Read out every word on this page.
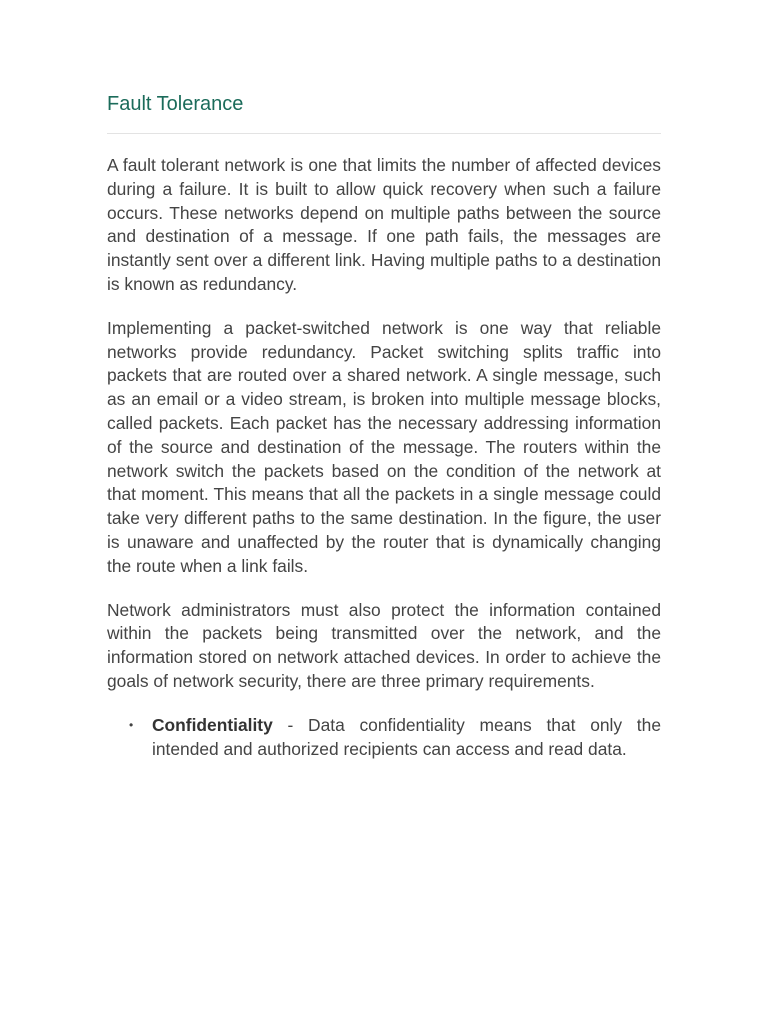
Fault Tolerance

A fault tolerant network is one that limits the number of affected devices during a failure. It is built to allow quick recovery when such a failure occurs. These networks depend on multiple paths between the source and destination of a message. If one path fails, the messages are instantly sent over a different link. Having multiple paths to a destination is known as redundancy.

Implementing a packet-switched network is one way that reliable networks provide redundancy. Packet switching splits traffic into packets that are routed over a shared network. A single message, such as an email or a video stream, is broken into multiple message blocks, called packets. Each packet has the necessary addressing information of the source and destination of the message. The routers within the network switch the packets based on the condition of the network at that moment. This means that all the packets in a single message could take very different paths to the same destination. In the figure, the user is unaware and unaffected by the router that is dynamically changing the route when a link fails.

Network administrators must also protect the information contained within the packets being transmitted over the network, and the information stored on network attached devices. In order to achieve the goals of network security, there are three primary requirements.

• Confidentiality - Data confidentiality means that only the intended and authorized recipients can access and read data.
